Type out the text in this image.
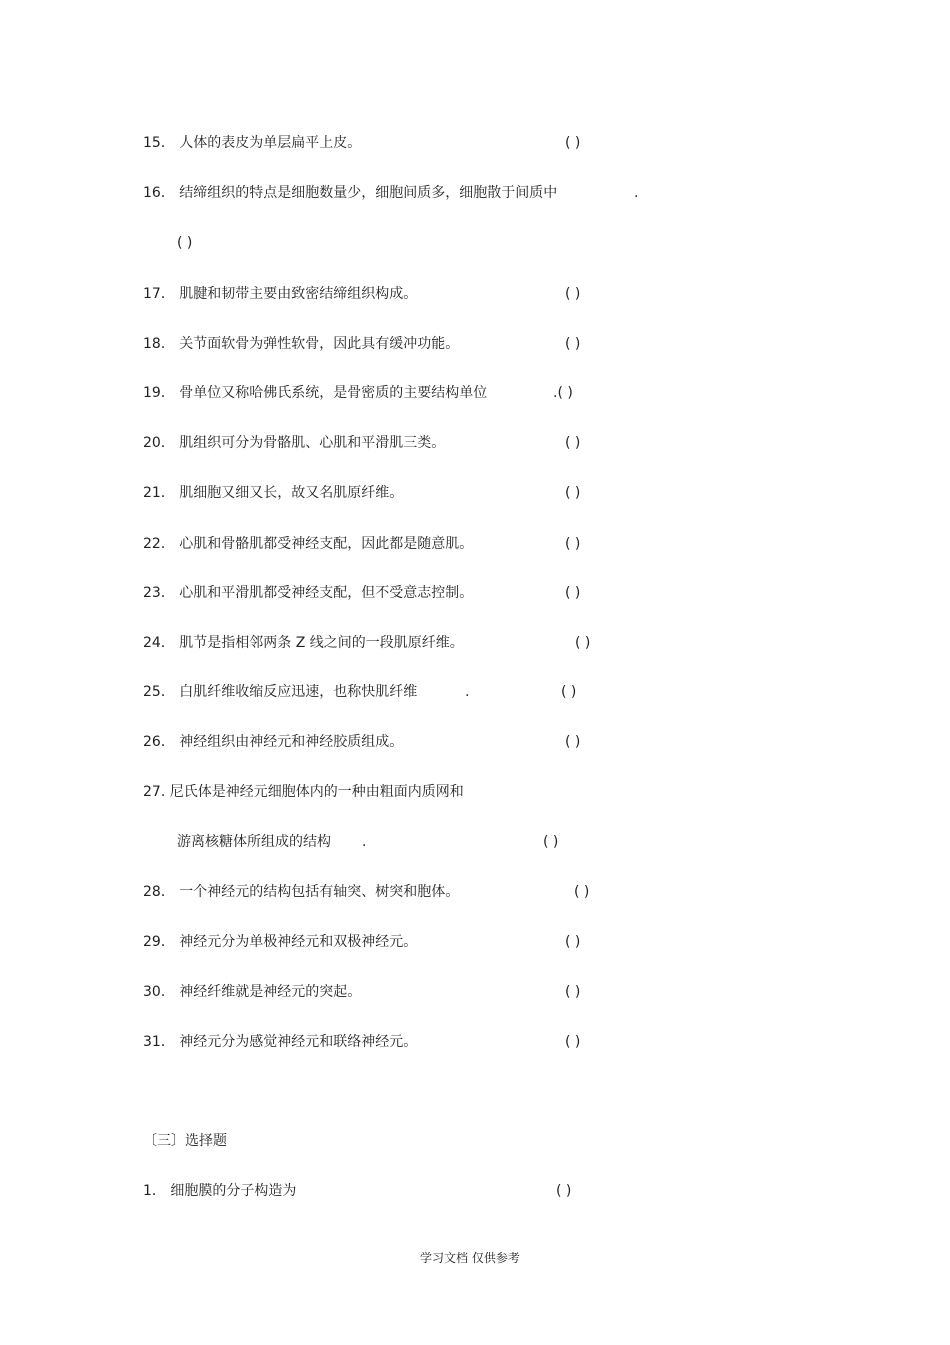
15． 人体的表皮为单层扁平上皮。	( )
16． 结缔组织的特点是细胞数量少，细胞间质多，细胞散于间质中	.
( )
17． 肌腱和韧带主要由致密结缔组织构成。	( )
18． 关节面软骨为弹性软骨，因此具有缓冲功能。	( )
19． 骨单位又称哈佛氏系统，是骨密质的主要结构单位	.( )
20． 肌组织可分为骨骼肌、心肌和平滑肌三类。	( )
21． 肌细胞又细又长，故又名肌原纤维。	( )
22． 心肌和骨骼肌都受神经支配，因此都是随意肌。	( )
23． 心肌和平滑肌都受神经支配，但不受意志控制。	( )
24． 肌节是指相邻两条 Z 线之间的一段肌原纤维。	( )
25． 白肌纤维收缩反应迅速，也称快肌纤维	.	( )
26． 神经组织由神经元和神经胶质组成。	( )
27. 尼氏体是神经元细胞体内的一种由粗面内质网和
游离核糖体所组成的结构 .	( )
28． 一个神经元的结构包括有轴突、树突和胞体。	( )
29． 神经元分为单极神经元和双极神经元。	( )
30． 神经纤维就是神经元的突起。	( )
31． 神经元分为感觉神经元和联络神经元。	( )
〔三〕选择题
1． 细胞膜的分子构造为	( )
学习文档 仅供参考
